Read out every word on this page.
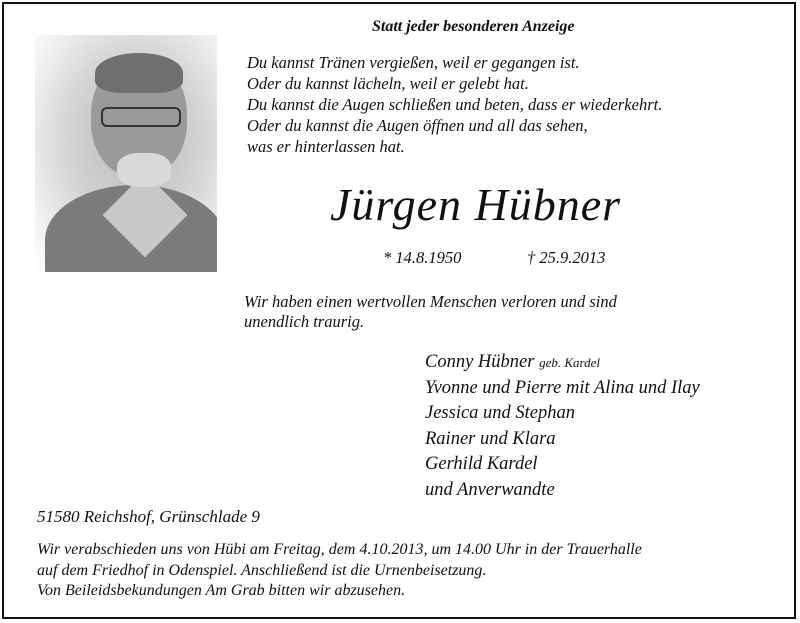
Statt jeder besonderen Anzeige
Du kannst Tränen vergießen, weil er gegangen ist.
Oder du kannst lächeln, weil er gelebt hat.
Du kannst die Augen schließen und beten, dass er wiederkehrt.
Oder du kannst die Augen öffnen und all das sehen,
was er hinterlassen hat.
Jürgen Hübner
* 14.8.1950	† 25.9.2013
Wir haben einen wertvollen Menschen verloren und sind
unendlich traurig.
Conny Hübner geb. Kardel
Yvonne und Pierre mit Alina und Ilay
Jessica und Stephan
Rainer und Klara
Gerhild Kardel
und Anverwandte
51580 Reichshof, Grünschlade 9
Wir verabschieden uns von Hübi am Freitag, dem 4.10.2013, um 14.00 Uhr in der Trauerhalle
auf dem Friedhof in Odenspiel. Anschließend ist die Urnenbeisetzung.
Von Beileidsbekundungen Am Grab bitten wir abzusehen.
